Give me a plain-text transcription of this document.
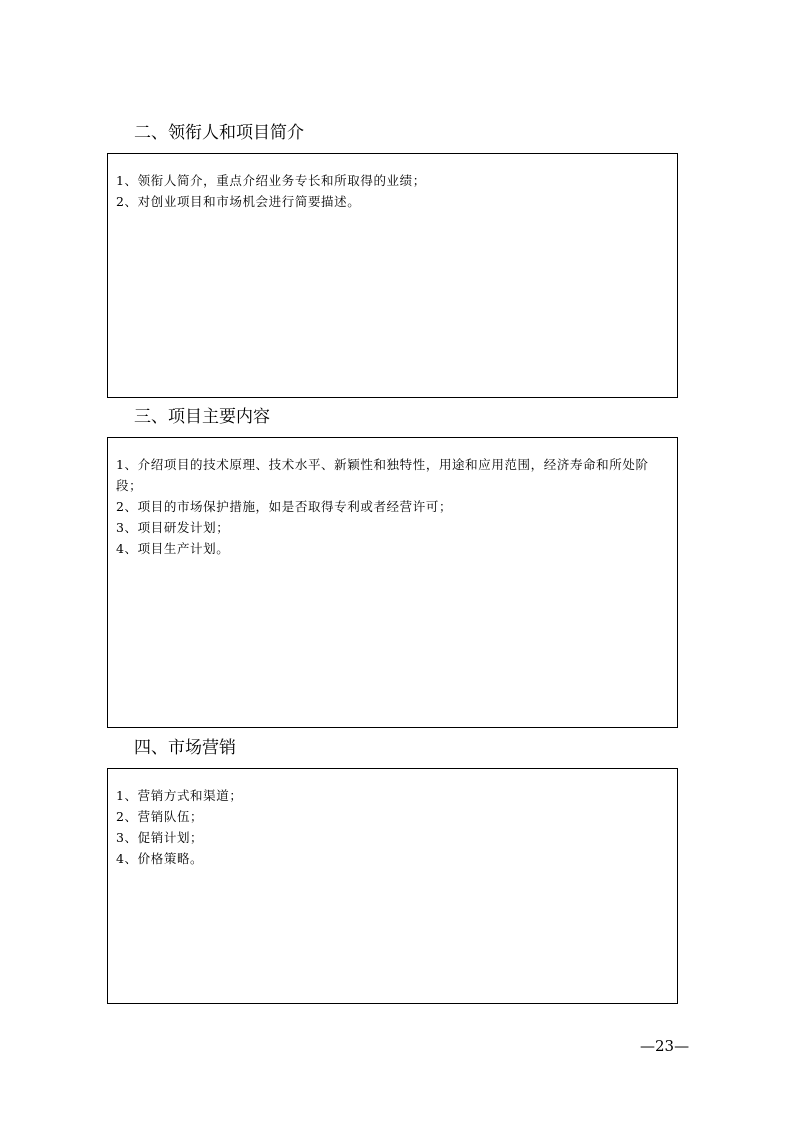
二、领衔人和项目简介
1、领衔人简介，重点介绍业务专长和所取得的业绩；
2、对创业项目和市场机会进行简要描述。
三、项目主要内容
1、介绍项目的技术原理、技术水平、新颖性和独特性，用途和应用范围，经济寿命和所处阶段；
2、项目的市场保护措施，如是否取得专利或者经营许可；
3、项目研发计划；
4、项目生产计划。
四、市场营销
1、营销方式和渠道；
2、营销队伍；
3、促销计划；
4、价格策略。
—23—
